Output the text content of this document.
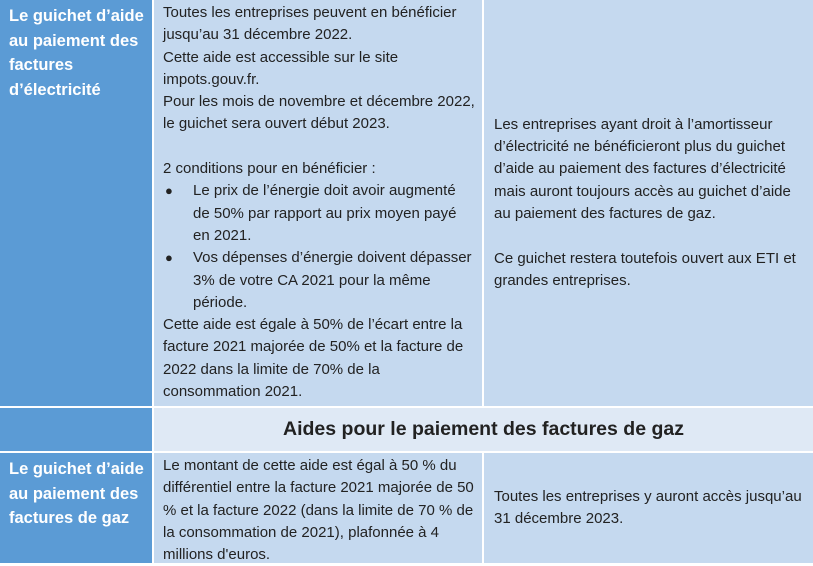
Le guichet d’aide au paiement des factures d’électricité

Toutes les entreprises peuvent en bénéficier jusqu’au 31 décembre 2022.

Cette aide est accessible sur le site impots.gouv.fr.

Pour les mois de novembre et décembre 2022, le guichet sera ouvert début 2023.

2 conditions pour en bénéficier :

● Le prix de l’énergie doit avoir augmenté de 50% par rapport au prix moyen payé en 2021.
● Vos dépenses d’énergie doivent dépasser 3% de votre CA 2021 pour la même période.

Cette aide est égale à 50% de l’écart entre la facture 2021 majorée de 50% et la facture de 2022 dans la limite de 70% de la consommation 2021.

Les entreprises ayant droit à l’amortisseur d’électricité ne bénéficieront plus du guichet d’aide au paiement des factures d’électricité mais auront toujours accès au guichet d’aide au paiement des factures de gaz.

Ce guichet restera toutefois ouvert aux ETI et grandes entreprises.

Aides pour le paiement des factures de gaz
Le guichet d’aide au paiement des factures de gaz

Le montant de cette aide est égal à 50 % du différentiel entre la facture 2021 majorée de 50 % et la facture 2022 (dans la limite de 70 % de la consommation de 2021), plafonnée à 4 millions d'euros.

Toutes les entreprises y auront accès jusqu’au 31 décembre 2023.
